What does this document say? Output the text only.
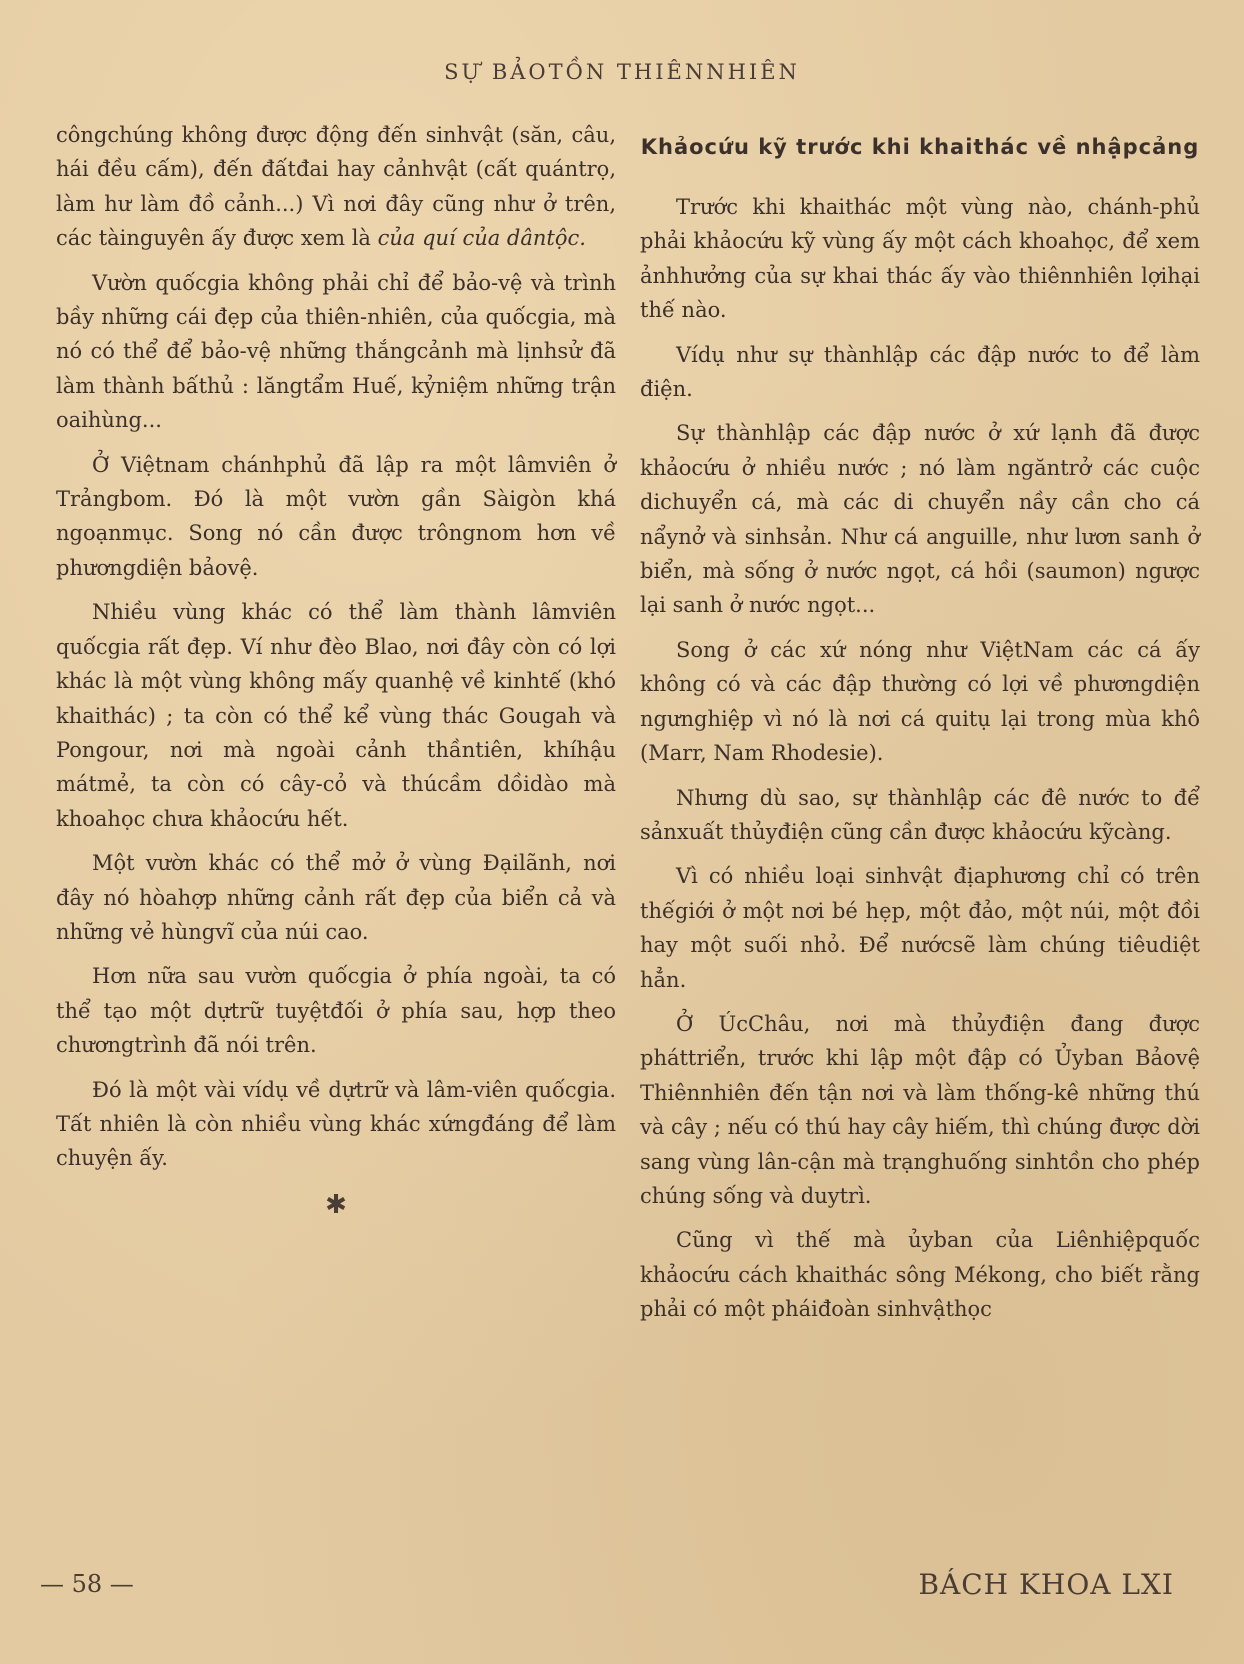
SỰ BẢOTỒN THIÊNNHIÊN

côngchúng không được động đến sinhvật (săn, câu, hái đều cấm), đến đấtđai hay cảnhvật (cất quántrọ, làm hư làm đồ cảnh...) Vì nơi đây cũng như ở trên, các tàinguyên ấy được xem là của quí của dântộc.

Vườn quốcgia không phải chỉ để bảo-vệ và trình bầy những cái đẹp của thiên-nhiên, của quốcgia, mà nó có thể để bảo-vệ những thắngcảnh mà lịnhsử đã làm thành bấthủ : lăngtẩm Huế, kỷniệm những trận oaihùng...

Ở Việtnam chánhphủ đã lập ra một lâmviên ở Trảngbom. Đó là một vườn gần Sàigòn khá ngoạnmục. Song nó cần được trôngnom hơn về phươngdiện bảovệ.

Nhiều vùng khác có thể làm thành lâmviên quốcgia rất đẹp. Ví như đèo Blao, nơi đây còn có lợi khác là một vùng không mấy quanhệ về kinhtế (khó khaithác) ; ta còn có thể kể vùng thác Gougah và Pongour, nơi mà ngoài cảnh thầntiên, khíhậu mátmẻ, ta còn có cây-cỏ và thúcầm dồidào mà khoahọc chưa khảocứu hết.

Một vườn khác có thể mở ở vùng Đạilãnh, nơi đây nó hòahợp những cảnh rất đẹp của biển cả và những vẻ hùngvĩ của núi cao.

Hơn nữa sau vườn quốcgia ở phía ngoài, ta có thể tạo một dựtrữ tuyệtđối ở phía sau, hợp theo chươngtrình đã nói trên.

Đó là một vài vídụ về dựtrữ và lâm-viên quốcgia. Tất nhiên là còn nhiều vùng khác xứngđáng để làm chuyện ấy.

✱
Khảocứu kỹ trước khi khaithác về nhậpcảng

Trước khi khaithác một vùng nào, chánh-phủ phải khảocứu kỹ vùng ấy một cách khoahọc, để xem ảnhhưởng của sự khai thác ấy vào thiênnhiên lợihại thế nào.

Vídụ như sự thànhlập các đập nước to để làm điện.

Sự thànhlập các đập nước ở xứ lạnh đã được khảocứu ở nhiều nước ; nó làm ngăntrở các cuộc dichuyển cá, mà các di chuyển nầy cần cho cá nẩynở và sinhsản. Như cá anguille, như lươn sanh ở biển, mà sống ở nước ngọt, cá hồi (saumon) ngược lại sanh ở nước ngọt...

Song ở các xứ nóng như ViệtNam các cá ấy không có và các đập thường có lợi về phươngdiện ngưnghiệp vì nó là nơi cá quitụ lại trong mùa khô (Marr, Nam Rhodesie).

Nhưng dù sao, sự thànhlập các đê nước to để sảnxuất thủyđiện cũng cần được khảocứu kỹcàng.

Vì có nhiều loại sinhvật địaphương chỉ có trên thếgiới ở một nơi bé hẹp, một đảo, một núi, một đồi hay một suối nhỏ. Để nướcsẽ làm chúng tiêudiệt hẳn.

Ở ÚcChâu, nơi mà thủyđiện đang được pháttriển, trước khi lập một đập có Ủyban Bảovệ Thiênnhiên đến tận nơi và làm thống-kê những thú và cây ; nếu có thú hay cây hiếm, thì chúng được dời sang vùng lân-cận mà trạnghuống sinhtồn cho phép chúng sống và duytrì.

Cũng vì thế mà ủyban của Liênhiệpquốc khảocứu cách khaithác sông Mékong, cho biết rằng phải có một pháiđoàn sinhvậthọc

— 58 —	BÁCH KHOA LXI
